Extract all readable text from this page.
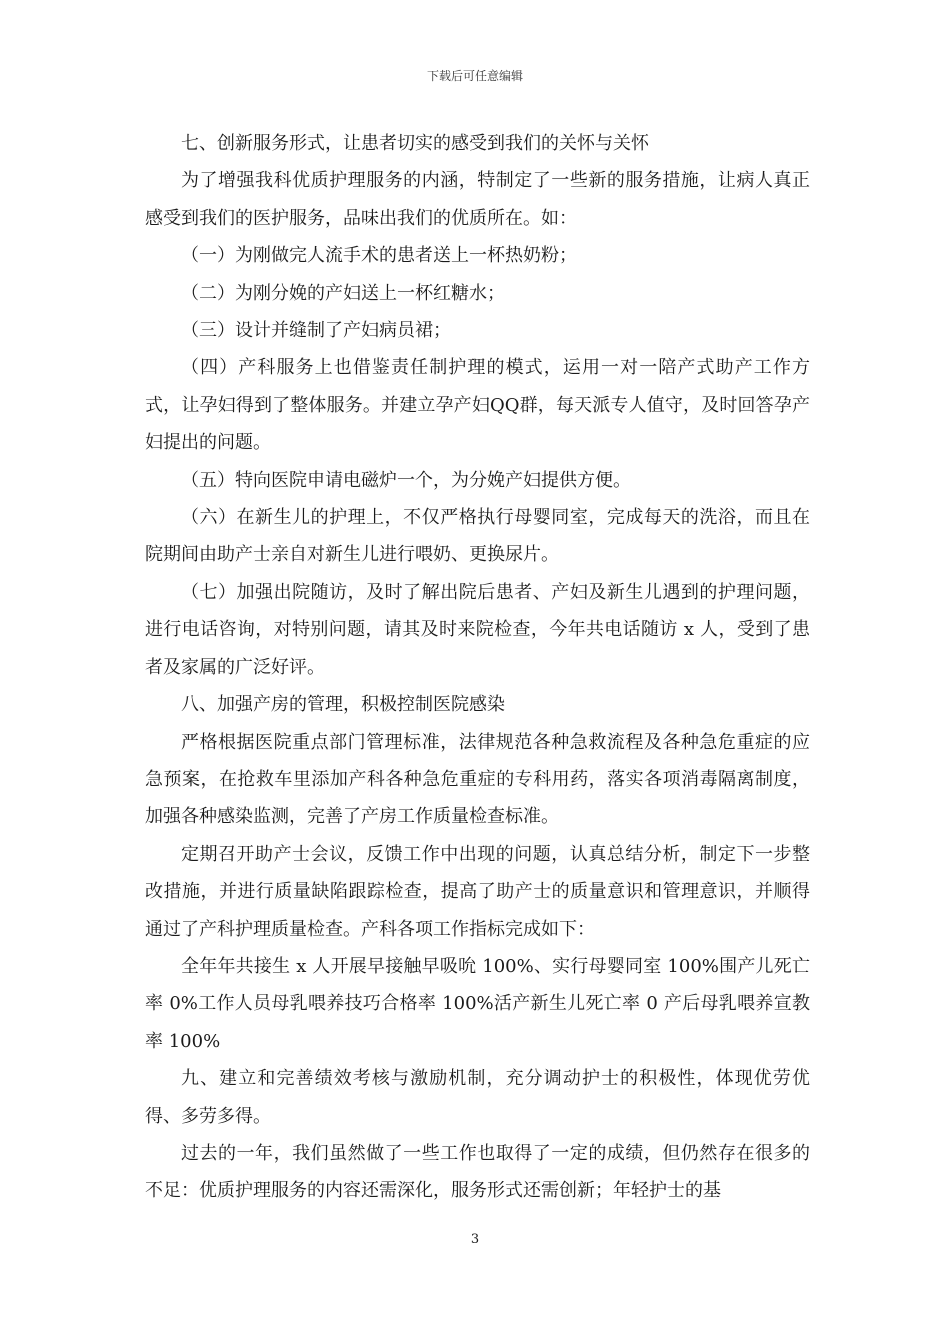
下载后可任意编辑

七、创新服务形式，让患者切实的感受到我们的关怀与关怀

为了增强我科优质护理服务的内涵，特制定了一些新的服务措施，让病人真正感受到我们的医护服务，品味出我们的优质所在。如：

（一）为刚做完人流手术的患者送上一杯热奶粉；

（二）为刚分娩的产妇送上一杯红糖水；

（三）设计并缝制了产妇病员裙；

（四）产科服务上也借鉴责任制护理的模式，运用一对一陪产式助产工作方式，让孕妇得到了整体服务。并建立孕产妇QQ群，每天派专人值守，及时回答孕产妇提出的问题。

（五）特向医院申请电磁炉一个，为分娩产妇提供方便。

（六）在新生儿的护理上，不仅严格执行母婴同室，完成每天的洗浴，而且在院期间由助产士亲自对新生儿进行喂奶、更换尿片。

（七）加强出院随访，及时了解出院后患者、产妇及新生儿遇到的护理问题，进行电话咨询，对特别问题，请其及时来院检查，今年共电话随访 x 人，受到了患者及家属的广泛好评。

八、加强产房的管理，积极控制医院感染

严格根据医院重点部门管理标准，法律规范各种急救流程及各种急危重症的应急预案，在抢救车里添加产科各种急危重症的专科用药，落实各项消毒隔离制度，加强各种感染监测，完善了产房工作质量检查标准。

定期召开助产士会议，反馈工作中出现的问题，认真总结分析，制定下一步整改措施，并进行质量缺陷跟踪检查，提高了助产士的质量意识和管理意识，并顺得通过了产科护理质量检查。产科各项工作指标完成如下：

全年年共接生 x 人开展早接触早吸吮 100%、实行母婴同室 100%围产儿死亡率 0%工作人员母乳喂养技巧合格率 100%活产新生儿死亡率 0 产后母乳喂养宣教率 100%

九、建立和完善绩效考核与激励机制，充分调动护士的积极性，体现优劳优得、多劳多得。

过去的一年，我们虽然做了一些工作也取得了一定的成绩，但仍然存在很多的不足：优质护理服务的内容还需深化，服务形式还需创新；年轻护士的基

3
